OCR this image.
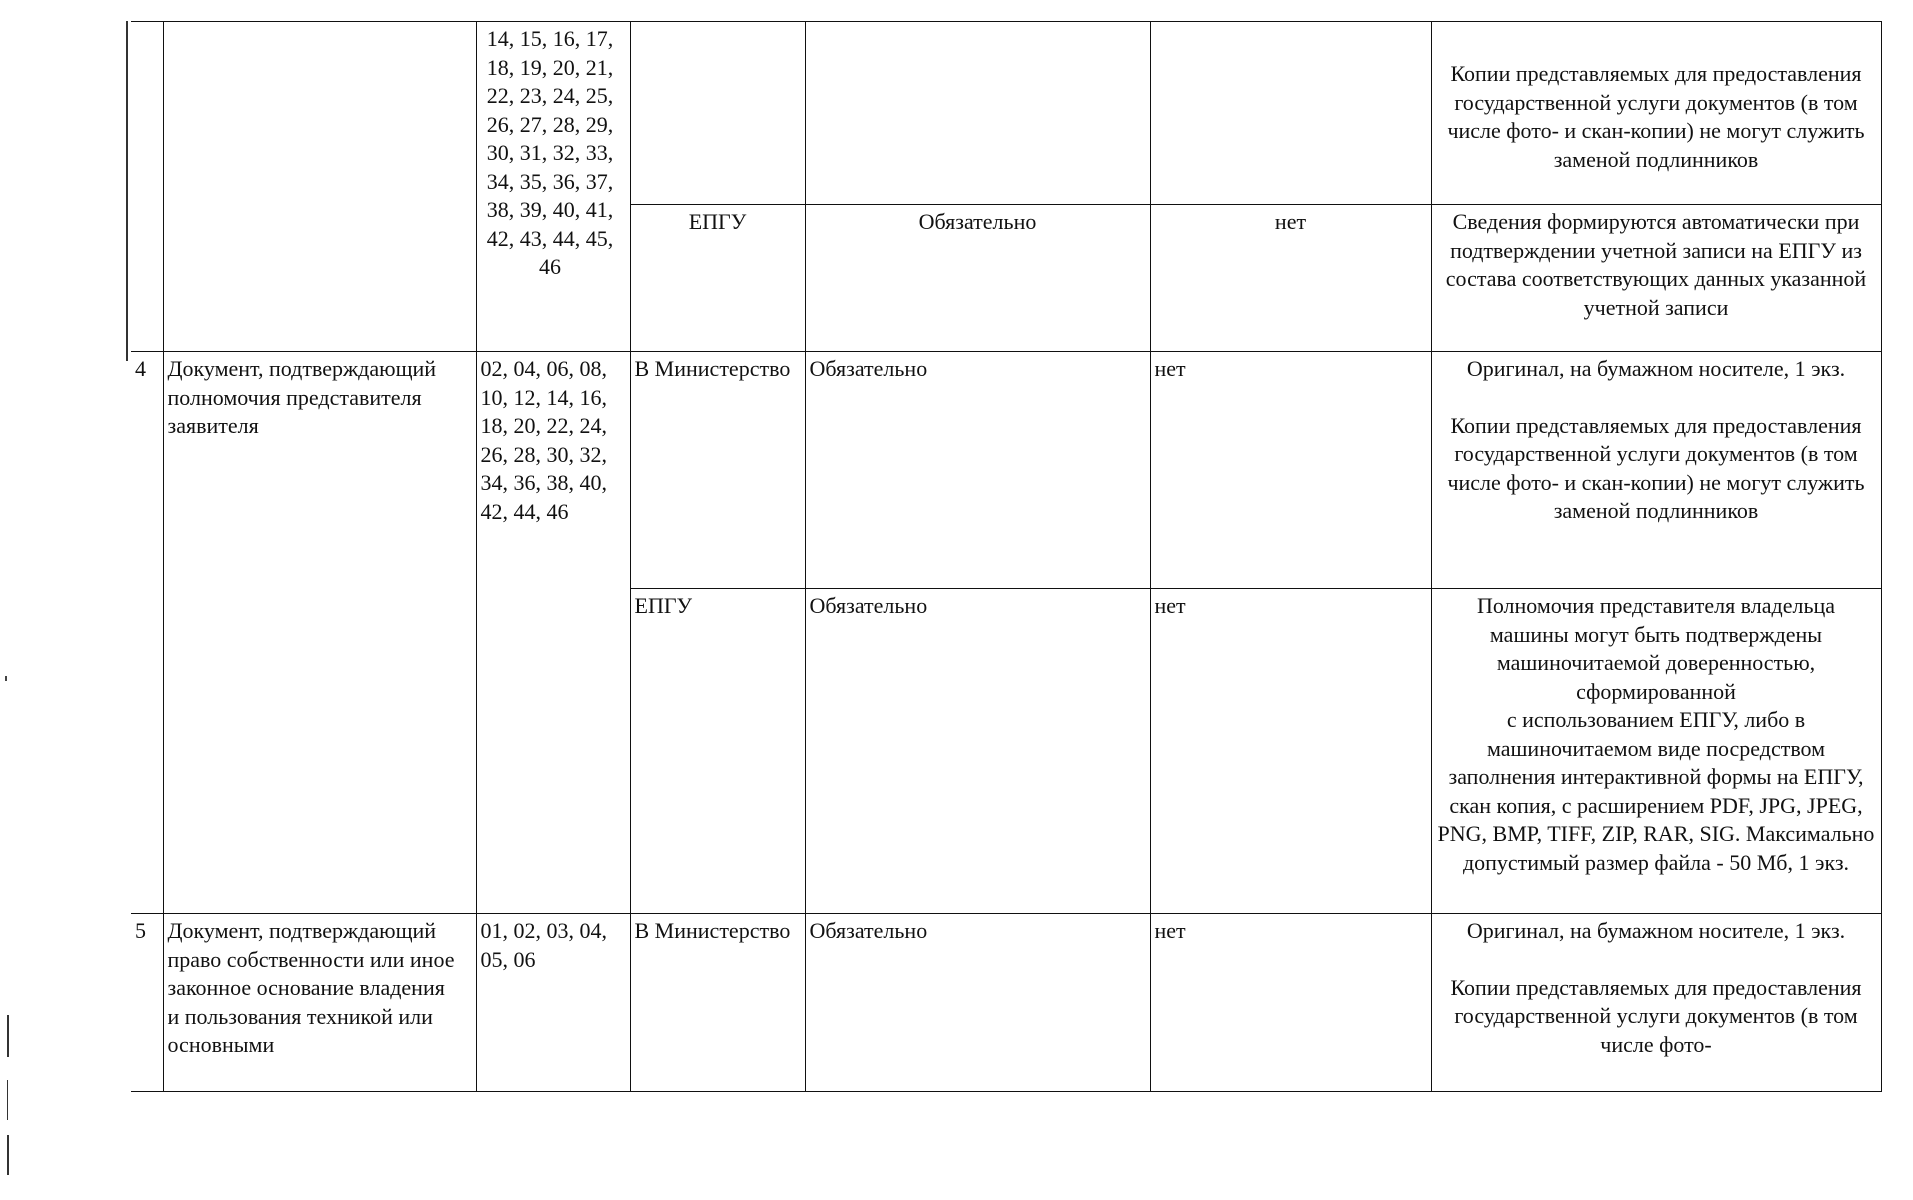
		14, 15, 16, 17, 18, 19, 20, 21, 22, 23, 24, 25, 26, 27, 28, 29, 30, 31, 32, 33, 34, 35, 36, 37, 38, 39, 40, 41, 42, 43, 44, 45, 46				Копии представляемых для предоставления государственной услуги документов (в том числе фото- и скан-копии) не могут служить заменой подлинников

			ЕПГУ	Обязательно	нет	Сведения формируются автоматически при подтверждении учетной записи на ЕПГУ из состава соответствующих данных указанной учетной записи

4	Документ, подтверждающий полномочия представителя заявителя	02, 04, 06, 08, 10, 12, 14, 16, 18, 20, 22, 24, 26, 28, 30, 32, 34, 36, 38, 40, 42, 44, 46	В Министерство	Обязательно	нет	Оригинал, на бумажном носителе, 1 экз.
Копии представляемых для предоставления государственной услуги документов (в том числе фото- и скан-копии) не могут служить заменой подлинников

			ЕПГУ	Обязательно	нет	Полномочия представителя владельца машины могут быть подтверждены машиночитаемой доверенностью, сформированной
с использованием ЕПГУ, либо в машиночитаемом виде посредством заполнения интерактивной формы на ЕПГУ, скан копия, с расширением PDF, JPG, JPEG, PNG, BMP, TIFF, ZIP, RAR, SIG. Максимально допустимый размер файла - 50 Мб, 1 экз.

5	Документ, подтверждающий право собственности или иное законное основание владения и пользования техникой или основными	01, 02, 03, 04, 05, 06	В Министерство	Обязательно	нет	Оригинал, на бумажном носителе, 1 экз.
Копии представляемых для предоставления государственной услуги документов (в том числе фото-
